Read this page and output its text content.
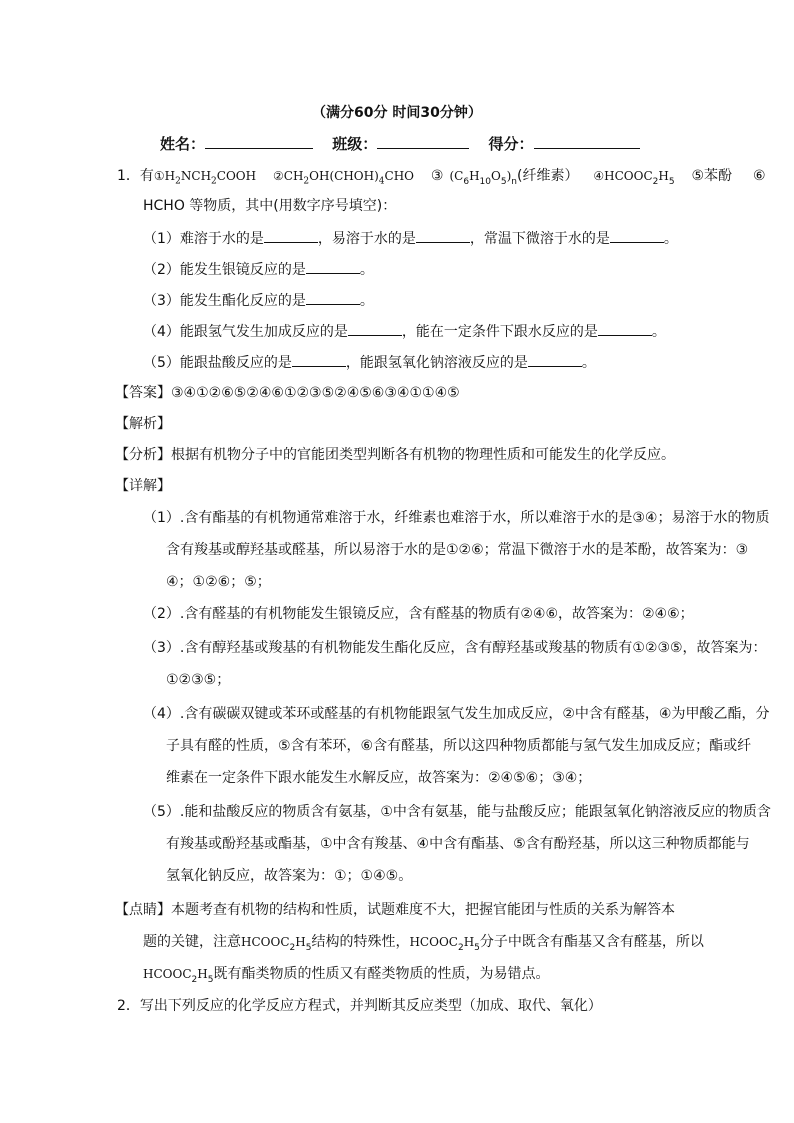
（满分60分 时间30分钟）
姓名：	班级：	得分：
1．有$①H_2NCH_2COOH$ $②CH_2OH(CHOH)_4CHO$ ③ $(C_6H_{10}O_5)_n$(纤维素） $④HCOOC_2H_5$ ⑤苯酚 ⑥
HCHO 等物质，其中(用数字序号填空)：
（1）难溶于水的是	，易溶于水的是	，常温下微溶于水的是	。
（2）能发生银镜反应的是	。
（3）能发生酯化反应的是	。
（4）能跟氢气发生加成反应的是	，能在一定条件下跟水反应的是	。
（5）能跟盐酸反应的是	，能跟氢氧化钠溶液反应的是	。
【答案】③④①②⑥⑤②④⑥①②③⑤②④⑤⑥③④①①④⑤
【解析】
【分析】根据有机物分子中的官能团类型判断各有机物的物理性质和可能发生的化学反应。
【详解】
（1）.含有酯基的有机物通常难溶于水，纤维素也难溶于水，所以难溶于水的是③④；易溶于水的物质
含有羧基或醇羟基或醛基，所以易溶于水的是①②⑥；常温下微溶于水的是苯酚，故答案为：③
④；①②⑥；⑤；
（2）.含有醛基的有机物能发生银镜反应，含有醛基的物质有②④⑥，故答案为：②④⑥；
（3）.含有醇羟基或羧基的有机物能发生酯化反应，含有醇羟基或羧基的物质有①②③⑤，故答案为：
①②③⑤；
（4）.含有碳碳双键或苯环或醛基的有机物能跟氢气发生加成反应，②中含有醛基，④为甲酸乙酯，分
子具有醛的性质，⑤含有苯环，⑥含有醛基，所以这四种物质都能与氢气发生加成反应；酯或纤
维素在一定条件下跟水能发生水解反应，故答案为：②④⑤⑥；③④；
（5）.能和盐酸反应的物质含有氨基，①中含有氨基，能与盐酸反应；能跟氢氧化钠溶液反应的物质含
有羧基或酚羟基或酯基，①中含有羧基、④中含有酯基、⑤含有酚羟基，所以这三种物质都能与
氢氧化钠反应，故答案为：①；①④⑤。
【点睛】本题考查有机物的结构和性质，试题难度不大，把握官能团与性质的关系为解答本
题的关键，注意$HCOOC_2H_5$结构的特殊性，$HCOOC_2H_5$分子中既含有酯基又含有醛基，所以
$HCOOC_2H_5$既有酯类物质的性质又有醛类物质的性质，为易错点。
2．写出下列反应的化学反应方程式，并判断其反应类型（加成、取代、氧化）
